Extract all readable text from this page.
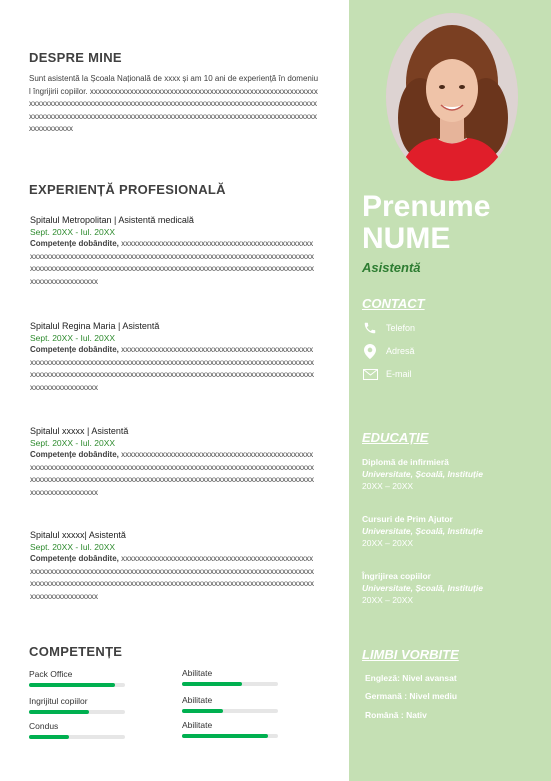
DESPRE MINE
Sunt asistentă la Școala Națională de xxxx și am 10 ani de experiență în domeniul îngrijirii copiilor. xxxxxxxxxxxxxxxxxxxxxxxxxxxxxxxxxxxxxxxxxxxxxxxxxxxxxxxxxxxxxxxxxxxxxxxxxxxxxxxxxxxxxxxxxxxxxxxxxxxxxxxxxxxxxxxxxxxxxxxxxxxxxxxxxxxxxxxxxxxxxxxxxxxxxxxxxxxxxxxxxxxxxxxxxxxxxxxxxxxxxxxxxxxxxxxxxxxxxxxxxxxxxxxxxxxx
EXPERIENȚĂ PROFESIONALĂ
Spitalul Metropolitan | Asistentă medicală
Sept. 20XX - Iul. 20XX
Competențe dobândite, xxxxxxxxxxxxxxxxxxxxxxxxxxxxxxxxxxxxxxxxxxxxxxxxxxxxxxxxxxxxxxxxxxxxxxxxxxxxxxxxxxxxxxxxxxxxxxxxxxxxxxxxxxxxxxxxxxxxxxxxxxxxxxxxxxxxxxxxxxxxxxxxxxxxxxxxxxxxxxxxxxxxxxxxxxxxxxxxxxxxxxxxxxxxxxxxxxxxxxxxxxxxxxx
Spitalul Regina Maria | Asistentă
Sept. 20XX - Iul. 20XX
Competențe dobândite, xxxxxxxxxxxxxxxxxxxxxxxxxxxxxxxxxxxxxxxxxxxxxxxxxxxxxxxxxxxxxxxxxxxxxxxxxxxxxxxxxxxxxxxxxxxxxxxxxxxxxxxxxxxxxxxxxxxxxxxxxxxxxxxxxxxxxxxxxxxxxxxxxxxxxxxxxxxxxxxxxxxxxxxxxxxxxxxxxxxxxxxxxxxxxxxxxxxxxxxxxxxxxxx
Spitalul xxxxx | Asistentă
Sept. 20XX - Iul. 20XX
Competențe dobândite, xxxxxxxxxxxxxxxxxxxxxxxxxxxxxxxxxxxxxxxxxxxxxxxxxxxxxxxxxxxxxxxxxxxxxxxxxxxxxxxxxxxxxxxxxxxxxxxxxxxxxxxxxxxxxxxxxxxxxxxxxxxxxxxxxxxxxxxxxxxxxxxxxxxxxxxxxxxxxxxxxxxxxxxxxxxxxxxxxxxxxxxxxxxxxxxxxxxxxxxxxxxxxxx
Spitalul xxxxx| Asistentă
Sept. 20XX - Iul. 20XX
Competențe dobândite, xxxxxxxxxxxxxxxxxxxxxxxxxxxxxxxxxxxxxxxxxxxxxxxxxxxxxxxxxxxxxxxxxxxxxxxxxxxxxxxxxxxxxxxxxxxxxxxxxxxxxxxxxxxxxxxxxxxxxxxxxxxxxxxxxxxxxxxxxxxxxxxxxxxxxxxxxxxxxxxxxxxxxxxxxxxxxxxxxxxxxxxxxxxxxxxxxxxxxxxxxxxxxxx
COMPETENȚE
Pack Office
Ingrijitul copiilor
Condus
Abilitate
Abilitate
Abilitate
Prenume
NUME
Asistentă
CONTACT
Telefon
Adresă
E-mail
EDUCAȚIE
Diplomă de infirmieră
Universitate, Școală, Instituție
20XX – 20XX
Cursuri de Prim Ajutor
Universitate, Școală, Instituție
20XX – 20XX
Îngrijirea copiilor
Universitate, Școală, Instituție
20XX – 20XX
LIMBI VORBITE
Engleză: Nivel avansat
Germană : Nivel mediu
Română : Nativ
